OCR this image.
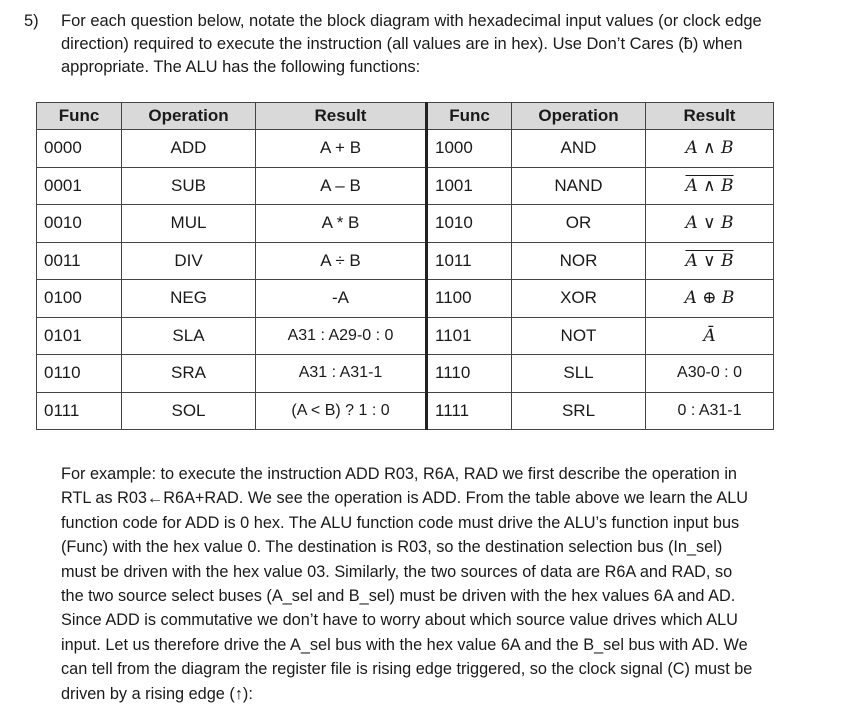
5) For each question below, notate the block diagram with hexadecimal input values (or clock edge
direction) required to execute the instruction (all values are in hex). Use Don’t Cares (ƀ) when
appropriate. The ALU has the following functions:
Func	Operation	Result	Func	Operation	Result
0000	ADD	A + B	1000	AND	A ∧ B
0001	SUB	A – B	1001	NAND	A ∧ B
0010	MUL	A * B	1010	OR	A ∨ B
0011	DIV	A ÷ B	1011	NOR	A ∨ B
0100	NEG	-A	1100	XOR	A ⊕ B
0101	SLA	A31 : A29-0 : 0	1101	NOT	Ā
0110	SRA	A31 : A31-1	1110	SLL	A30-0 : 0
0111	SOL	(A < B) ? 1 : 0	1111	SRL	0 : A31-1
For example: to execute the instruction ADD R03, R6A, RAD we first describe the operation in
RTL as R03←R6A+RAD. We see the operation is ADD. From the table above we learn the ALU
function code for ADD is 0 hex. The ALU function code must drive the ALU’s function input bus
(Func) with the hex value 0. The destination is R03, so the destination selection bus (In_sel)
must be driven with the hex value 03. Similarly, the two sources of data are R6A and RAD, so
the two source select buses (A_sel and B_sel) must be driven with the hex values 6A and AD.
Since ADD is commutative we don’t have to worry about which source value drives which ALU
input. Let us therefore drive the A_sel bus with the hex value 6A and the B_sel bus with AD. We
can tell from the diagram the register file is rising edge triggered, so the clock signal (C) must be
driven by a rising edge (↑):
